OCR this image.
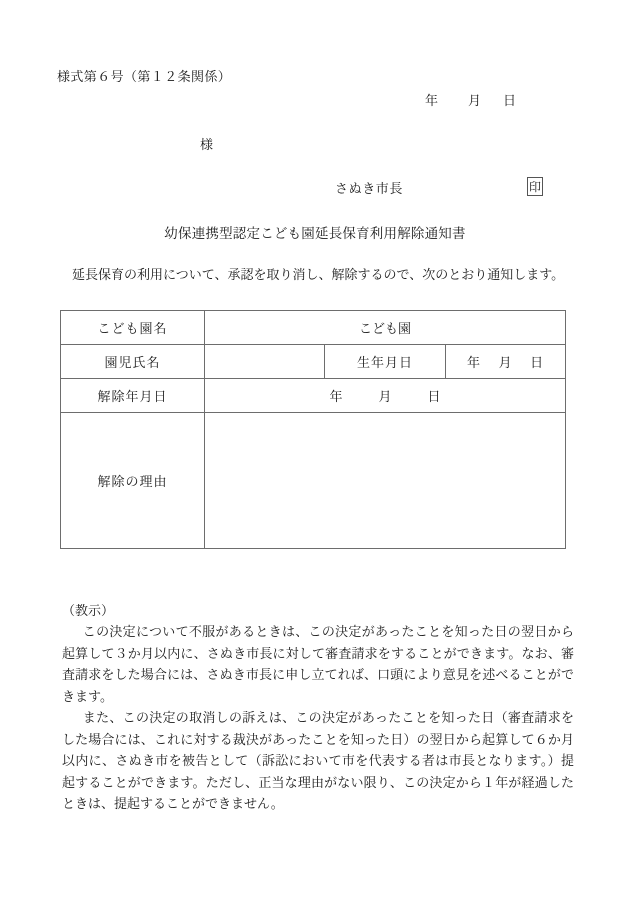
様式第６号（第１２条関係）
年 月 日
様
さぬき市長	印
幼保連携型認定こども園延長保育利用解除通知書
延長保育の利用について、承認を取り消し、解除するので、次のとおり通知します。
こども園名	こども園		
園児氏名		生年月日	年 月 日
解除年月日	年 月 日		
解除の理由			
（教示）

この決定について不服があるときは、この決定があったことを知った日の翌日から起算して３か月以内に、さぬき市長に対して審査請求をすることができます。なお、審査請求をした場合には、さぬき市長に申し立てれば、口頭により意見を述べることができます。

また、この決定の取消しの訴えは、この決定があったことを知った日（審査請求をした場合には、これに対する裁決があったことを知った日）の翌日から起算して６か月以内に、さぬき市を被告として（訴訟において市を代表する者は市長となります。）提起することができます。ただし、正当な理由がない限り、この決定から１年が経過したときは、提起することができません。
